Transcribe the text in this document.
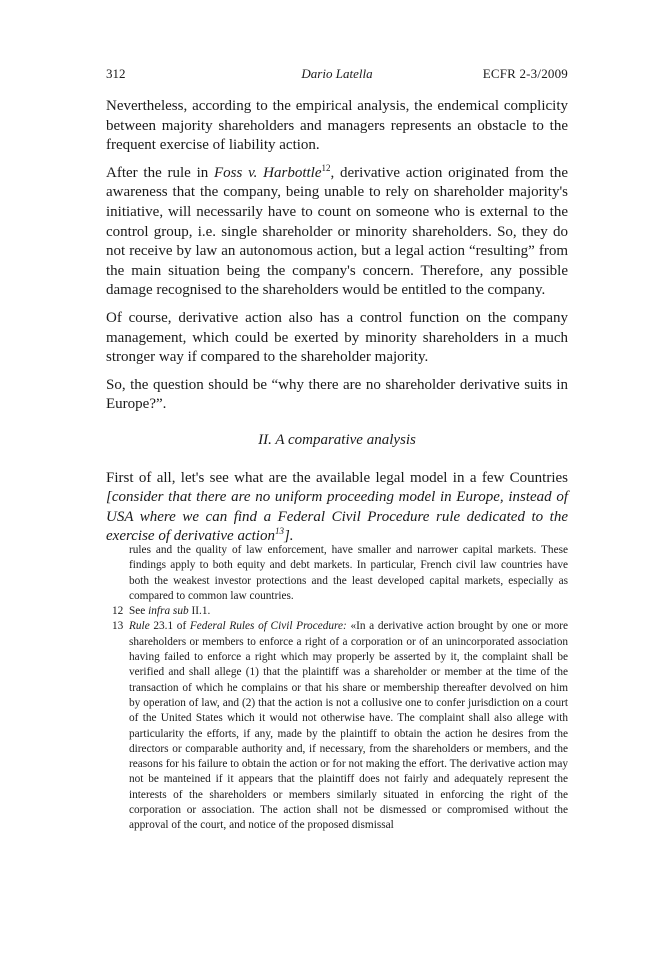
312	Dario Latella	ECFR 2-3/2009

Nevertheless, according to the empirical analysis, the endemical complicity between majority shareholders and managers represents an obstacle to the frequent exercise of liability action.

After the rule in Foss v. Harbottle$^{12}$, derivative action originated from the awareness that the company, being unable to rely on shareholder majority's initiative, will necessarily have to count on someone who is external to the control group, i.e. single shareholder or minority shareholders. So, they do not receive by law an autonomous action, but a legal action “resulting” from the main situation being the company's concern. Therefore, any possible damage recognised to the shareholders would be entitled to the company.

Of course, derivative action also has a control function on the company management, which could be exerted by minority shareholders in a much stronger way if compared to the shareholder majority.

So, the question should be “why there are no shareholder derivative suits in Europe?”.

II. A comparative analysis

First of all, let's see what are the available legal model in a few Countries [consider that there are no uniform proceeding model in Europe, instead of USA where we can find a Federal Civil Procedure rule dedicated to the exercise of derivative action$^{13}$].

rules and the quality of law enforcement, have smaller and narrower capital markets. These findings apply to both equity and debt markets. In particular, French civil law countries have both the weakest investor protections and the least developed capital markets, especially as compared to common law countries.

12 See infra sub II.1.

13 Rule 23.1 of Federal Rules of Civil Procedure: «In a derivative action brought by one or more shareholders or members to enforce a right of a corporation or of an unincorporated association having failed to enforce a right which may properly be asserted by it, the complaint shall be verified and shall allege (1) that the plaintiff was a shareholder or member at the time of the transaction of which he complains or that his share or membership thereafter devolved on him by operation of law, and (2) that the action is not a collusive one to confer jurisdiction on a court of the United States which it would not otherwise have. The complaint shall also allege with particularity the efforts, if any, made by the plaintiff to obtain the action he desires from the directors or comparable authority and, if necessary, from the shareholders or members, and the reasons for his failure to obtain the action or for not making the effort. The derivative action may not be manteined if it appears that the plaintiff does not fairly and adequately represent the interests of the shareholders or members similarly situated in enforcing the right of the corporation or association. The action shall not be dismessed or compromised without the approval of the court, and notice of the proposed dismissal
